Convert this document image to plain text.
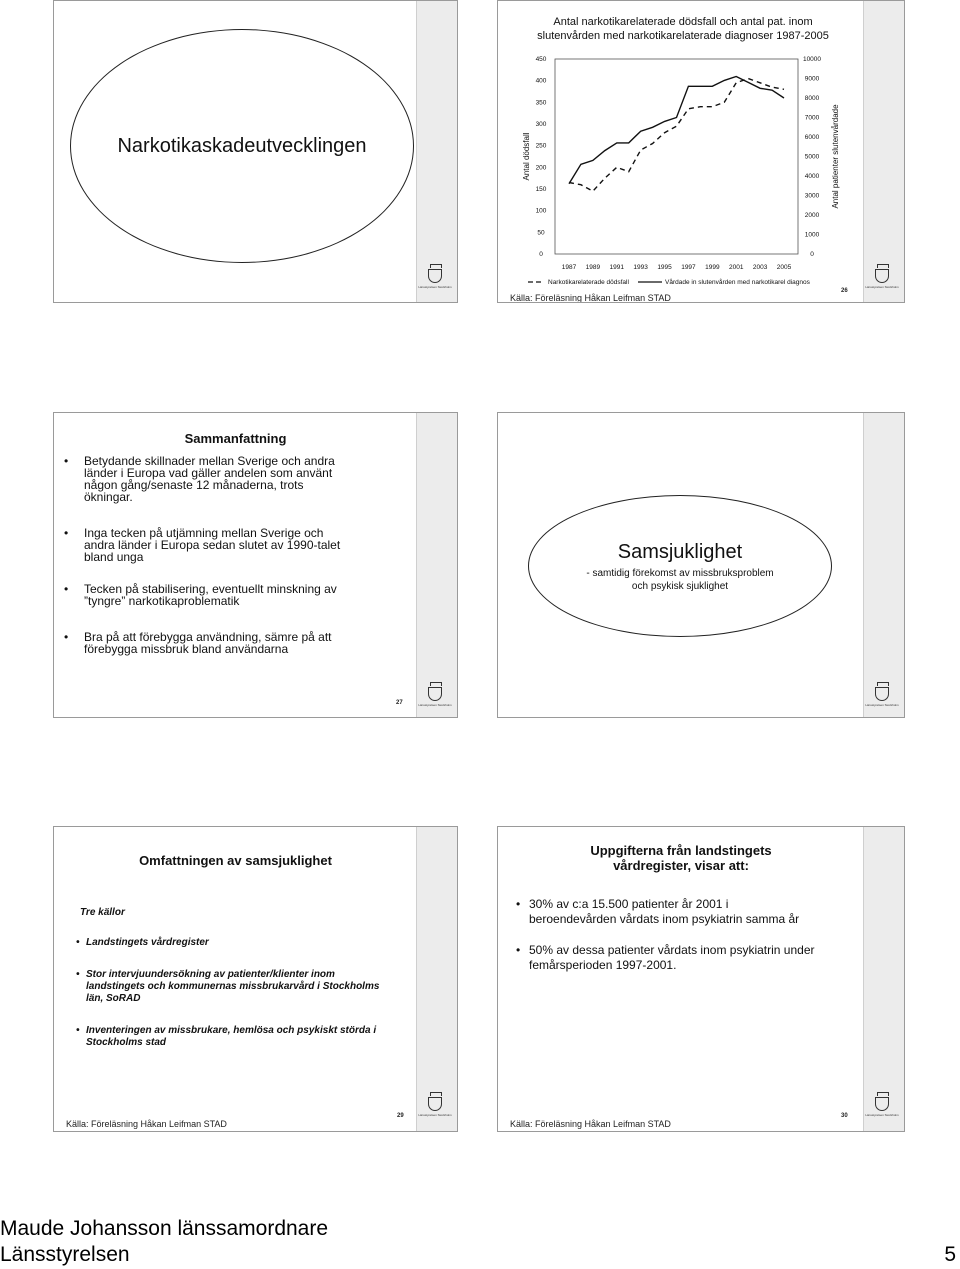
Narkotikaskadeutvecklingen
Länsstyrelsen Stockholm
Antal narkotikarelaterade dödsfall och antal pat. inom
slutenvården med narkotikarelaterade diagnoser 1987-2005
450
400
350
300
250
200
150
100
50
0
10000
9000
8000
7000
6000
5000
4000
3000
2000
1000
0
Antal dödsfall	Antal patienter slutenvårdade
1987 1989 1991 1993 1995 1997 1999 2001 2003 2005
Narkotikarelaterade dödsfall	Vårdade in slutenvården med narkotikarel diagnos
Källa: Föreläsning Håkan Leifman STAD
26
Länsstyrelsen Stockholm
Sammanfattning
• Betydande skillnader mellan Sverige och andra länder i Europa vad gäller andelen som använt någon gång/senaste 12 månaderna, trots ökningar.
• Inga tecken på utjämning mellan Sverige och andra länder i Europa sedan slutet av 1990-talet bland unga
• Tecken på stabilisering, eventuellt minskning av ”tyngre” narkotikaproblematik
• Bra på att förebygga användning, sämre på att förebygga missbruk bland användarna
27	Länsstyrelsen Stockholm
Samsjuklighet
- samtidig förekomst av missbruksproblem
och psykisk sjuklighet
Länsstyrelsen Stockholm
Omfattningen av samsjuklighet
Tre källor
• Landstingets vårdregister
• Stor intervjuundersökning av patienter/klienter inom landstingets och kommunernas missbrukarvård i Stockholms län, SoRAD
• Inventeringen av missbrukare, hemlösa och psykiskt störda i Stockholms stad
Källa: Föreläsning Håkan Leifman STAD
29	Länsstyrelsen Stockholm
Uppgifterna från landstingets
vårdregister, visar att:
• 30% av c:a 15.500 patienter år 2001 i beroendevården vårdats inom psykiatrin samma år
• 50% av dessa patienter vårdats inom psykiatrin under femårsperioden 1997-2001.
Källa: Föreläsning Håkan Leifman STAD
30	Länsstyrelsen Stockholm
Maude Johansson länssamordnare
Länsstyrelsen	5
